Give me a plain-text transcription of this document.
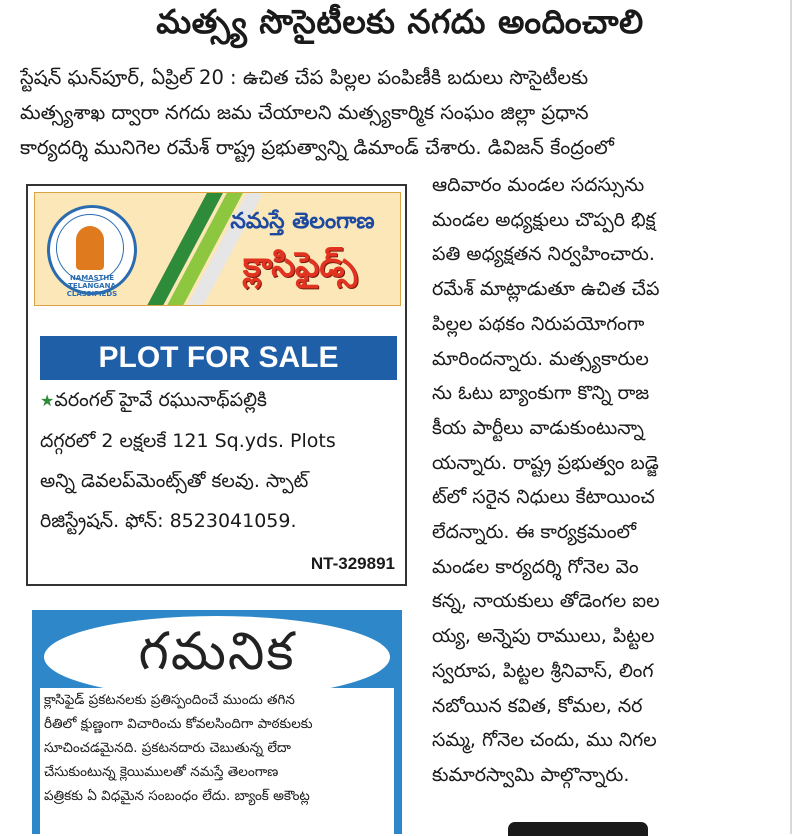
మత్స్య సొసైటీలకు నగదు అందించాలి
స్టేషన్ ఘన్‌పూర్, ఏప్రిల్ 20 : ఉచిత చేప పిల్లల పంపిణీకి బదులు సొసైటీలకు
మత్స్యశాఖ ద్వారా నగదు జమ చేయాలని మత్స్యకార్మిక సంఘం జిల్లా ప్రధాన
కార్యదర్శి మునిగెల రమేశ్ రాష్ట్ర ప్రభుత్వాన్ని డిమాండ్ చేశారు. డివిజన్ కేంద్రంలో
ఆదివారం మండల సదస్సును
మండల అధ్యక్షులు చొప్పరి భిక్ష
పతి అధ్యక్షతన నిర్వహించారు.
రమేశ్ మాట్లాడుతూ ఉచిత చేప
పిల్లల పథకం నిరుపయోగంగా
మారిందన్నారు. మత్స్యకారుల
ను ఓటు బ్యాంకుగా కొన్ని రాజ
కీయ పార్టీలు వాడుకుంటున్నా
యన్నారు. రాష్ట్ర ప్రభుత్వం బడ్జె
ట్‌లో సరైన నిధులు కేటాయించ
లేదన్నారు. ఈ కార్యక్రమంలో
మండల కార్యదర్శి గోనెల వెం
కన్న, నాయకులు తోడెంగల ఐల
య్య, అన్నెపు రాములు, పిట్టల
స్వరూప, పిట్టల శ్రీనివాస్, లింగ
నబోయిన కవిత, కోమల, నర
సమ్మ, గోనెల చందు, ము నిగల
కుమారస్వామి పాల్గొన్నారు.
NAMASTHE TELANGANA CLASSIFIEDS
నమస్తే తెలంగాణ
క్లాసిఫైడ్స్
PLOT FOR SALE
★వరంగల్ హైవే రఘునాథ్‌పల్లికి
దగ్గరలో 2 లక్షలకే 121 Sq.yds. Plots
అన్ని డెవలప్‌మెంట్స్‌తో కలవు. స్పాట్
రిజిస్ట్రేషన్. ఫోన్: 8523041059.
NT-329891
గమనిక
క్లాసిఫైడ్ ప్రకటనలకు ప్రతిస్పందించే ముందు తగిన
రీతిలో క్షుణ్ణంగా విచారించు కోవలసిందిగా పాఠకులకు
సూచించడమైనది. ప్రకటనదారు చెబుతున్న లేదా
చేసుకుంటున్న క్లెయిములతో నమస్తే తెలంగాణ
పత్రికకు ఏ విధమైన సంబంధం లేదు. బ్యాంక్ అకౌంట్ల
